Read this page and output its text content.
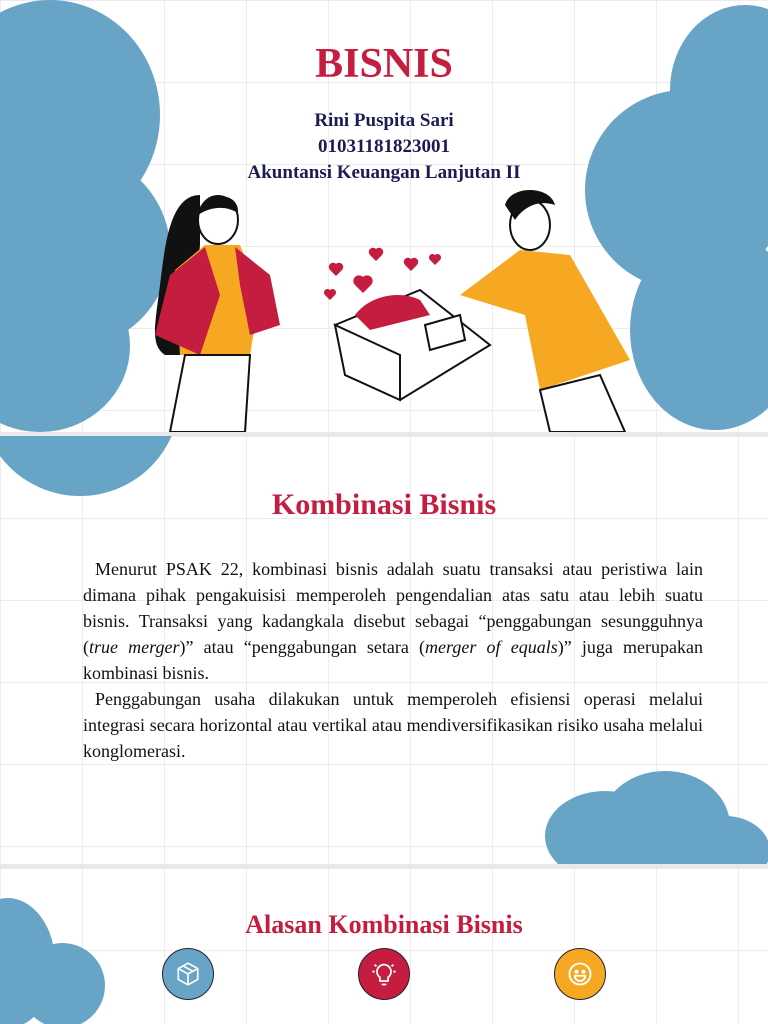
BISNIS
Rini Puspita Sari
01031181823001
Akuntansi Keuangan Lanjutan II
Kombinasi Bisnis

Menurut PSAK 22, kombinasi bisnis adalah suatu transaksi atau peristiwa lain dimana pihak pengakuisisi memperoleh pengendalian atas satu atau lebih suatu bisnis. Transaksi yang kadangkala disebut sebagai “penggabungan sesungguhnya (true merger)” atau “penggabungan setara (merger of equals)” juga merupakan kombinasi bisnis.

Penggabungan usaha dilakukan untuk memperoleh efisiensi operasi melalui integrasi secara horizontal atau vertikal atau mendiversifikasikan risiko usaha melalui konglomerasi.

Alasan Kombinasi Bisnis
